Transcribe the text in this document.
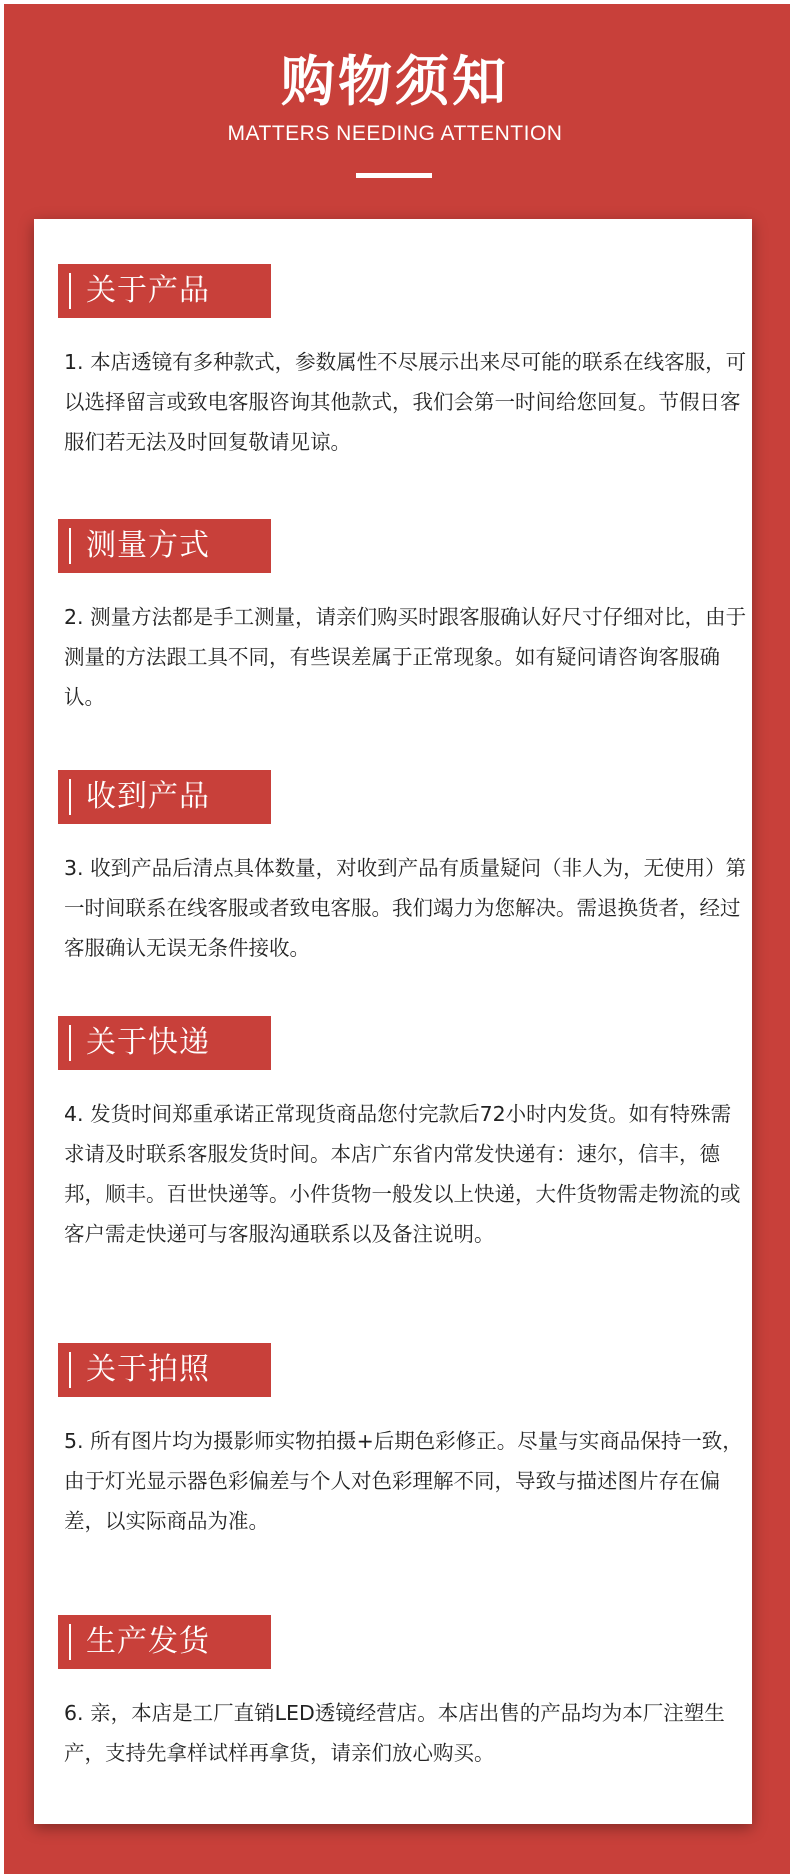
购物须知
MATTERS NEEDING ATTENTION
关于产品
1. 本店透镜有多种款式，参数属性不尽展示出来尽可能的联系在线客服，可以选择留言或致电客服咨询其他款式，我们会第一时间给您回复。节假日客服们若无法及时回复敬请见谅。
测量方式
2. 测量方法都是手工测量，请亲们购买时跟客服确认好尺寸仔细对比，由于测量的方法跟工具不同，有些误差属于正常现象。如有疑问请咨询客服确认。
收到产品
3. 收到产品后清点具体数量，对收到产品有质量疑问（非人为，无使用）第一时间联系在线客服或者致电客服。我们竭力为您解决。需退换货者，经过客服确认无误无条件接收。
关于快递
4. 发货时间郑重承诺正常现货商品您付完款后72小时内发货。如有特殊需求请及时联系客服发货时间。本店广东省内常发快递有：速尔，信丰，德邦，顺丰。百世快递等。小件货物一般发以上快递，大件货物需走物流的或客户需走快递可与客服沟通联系以及备注说明。
关于拍照
5. 所有图片均为摄影师实物拍摄+后期色彩修正。尽量与实商品保持一致，由于灯光显示器色彩偏差与个人对色彩理解不同，导致与描述图片存在偏差，以实际商品为准。
生产发货
6. 亲，本店是工厂直销LED透镜经营店。本店出售的产品均为本厂注塑生产，支持先拿样试样再拿货，请亲们放心购买。
